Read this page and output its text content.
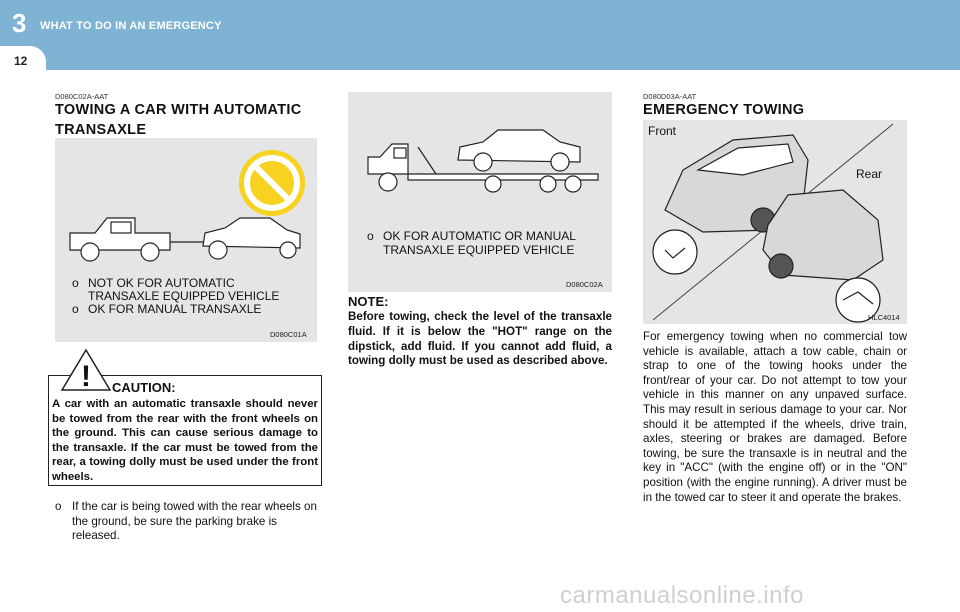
3	WHAT TO DO IN AN EMERGENCY
12
D080C02A-AAT
TOWING A CAR WITH AUTOMATIC
TRANSAXLE
o NOT OK FOR AUTOMATIC
TRANSAXLE EQUIPPED VEHICLE
o OK FOR MANUAL TRANSAXLE
D080C01A
! CAUTION:
A car with an automatic transaxle should never be towed from the rear with the front wheels on the ground. This can cause serious damage to the transaxle. If the car must be towed from the rear, a towing dolly must be used under the front wheels.
o If the car is being towed with the rear wheels on the ground, be sure the parking brake is released.
o OK FOR AUTOMATIC OR MANUAL
TRANSAXLE EQUIPPED VEHICLE
D080C02A
NOTE:
Before towing, check the level of the transaxle fluid. If it is below the "HOT" range on the dipstick, add fluid. If you cannot add fluid, a towing dolly must be used as described above.
D080D03A-AAT
EMERGENCY TOWING
Front
Rear
HLC4014
For emergency towing when no commercial tow vehicle is available, attach a tow cable, chain or strap to one of the towing hooks under the front/rear of your car. Do not attempt to tow your vehicle in this manner on any unpaved surface. This may result in serious damage to your car. Nor should it be attempted if the wheels, drive train, axles, steering or brakes are damaged. Before towing, be sure the transaxle is in neutral and the key in "ACC" (with the engine off) or in the "ON" position (with the engine running). A driver must be in the towed car to steer it and operate the brakes.
carmanualsonline.info
